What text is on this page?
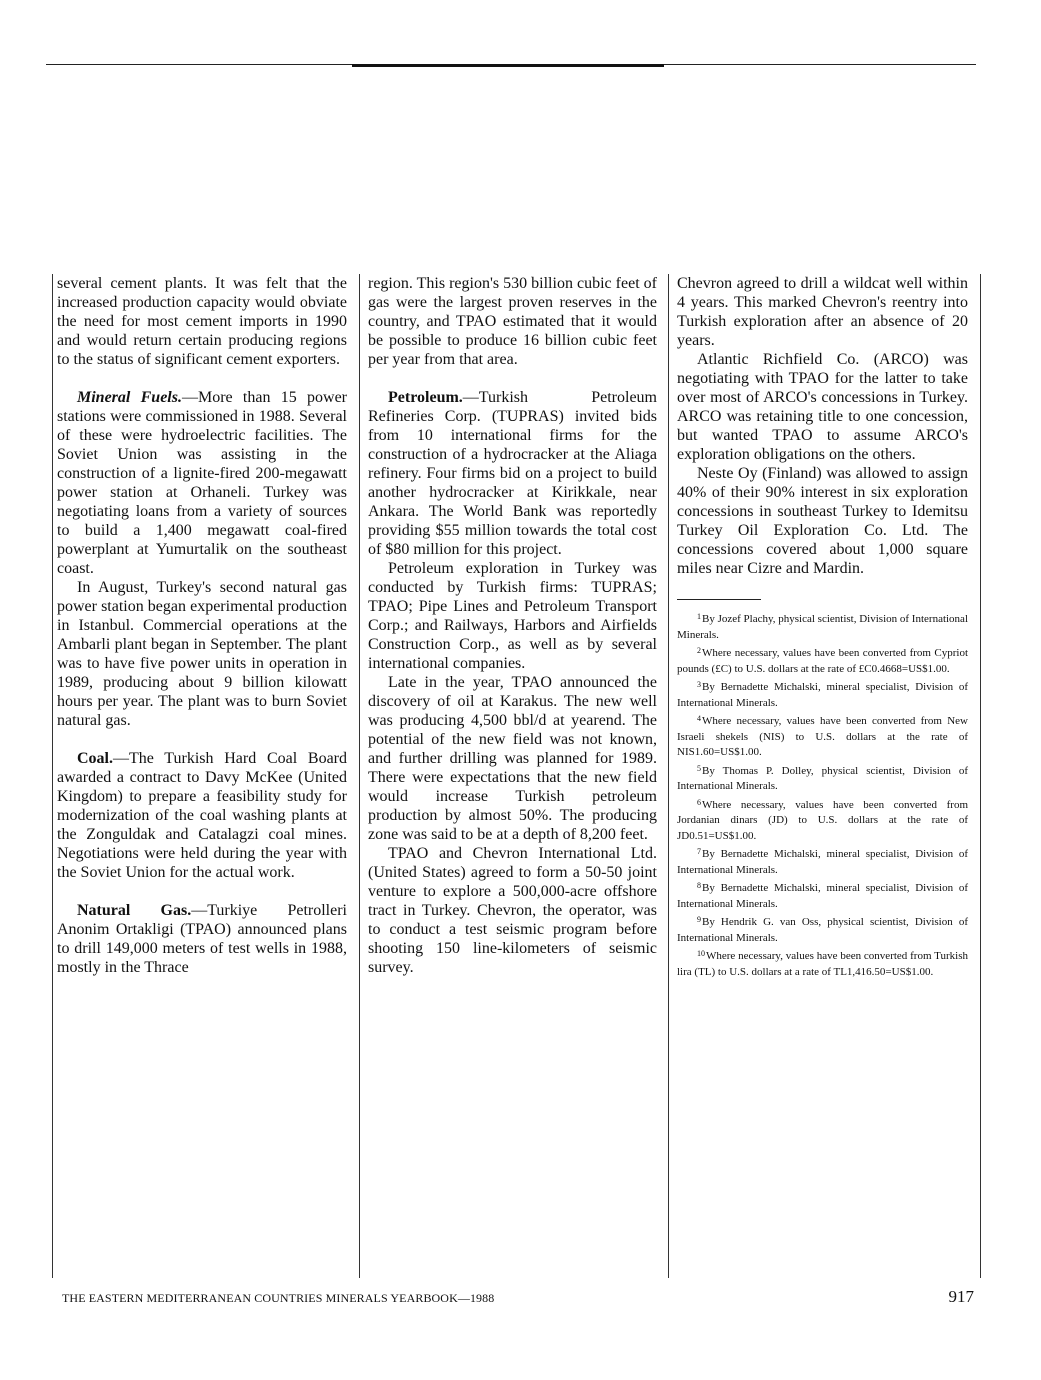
several cement plants. It was felt that the increased production capacity would obviate the need for most cement imports in 1990 and would return certain producing regions to the status of significant cement exporters.

Mineral Fuels.—More than 15 power stations were commissioned in 1988. Several of these were hydroelectric facilities. The Soviet Union was assisting in the construction of a lignite-fired 200-megawatt power station at Orhaneli. Turkey was negotiating loans from a variety of sources to build a 1,400 megawatt coal-fired powerplant at Yumurtalik on the southeast coast.

In August, Turkey's second natural gas power station began experimental production in Istanbul. Commercial operations at the Ambarli plant began in September. The plant was to have five power units in operation in 1989, producing about 9 billion kilowatt hours per year. The plant was to burn Soviet natural gas.

Coal.—The Turkish Hard Coal Board awarded a contract to Davy McKee (United Kingdom) to prepare a feasibility study for modernization of the coal washing plants at the Zonguldak and Catalagzi coal mines. Negotiations were held during the year with the Soviet Union for the actual work.

Natural Gas.—Turkiye Petrolleri Anonim Ortakligi (TPAO) announced plans to drill 149,000 meters of test wells in 1988, mostly in the Thrace

region. This region's 530 billion cubic feet of gas were the largest proven reserves in the country, and TPAO estimated that it would be possible to produce 16 billion cubic feet per year from that area.

Petroleum.—Turkish Petroleum Refineries Corp. (TUPRAS) invited bids from 10 international firms for the construction of a hydrocracker at the Aliaga refinery. Four firms bid on a project to build another hydrocracker at Kirikkale, near Ankara. The World Bank was reportedly providing $55 million towards the total cost of $80 million for this project.

Petroleum exploration in Turkey was conducted by Turkish firms: TUPRAS; TPAO; Pipe Lines and Petroleum Transport Corp.; and Railways, Harbors and Airfields Construction Corp., as well as by several international companies.

Late in the year, TPAO announced the discovery of oil at Karakus. The new well was producing 4,500 bbl/d at yearend. The potential of the new field was not known, and further drilling was planned for 1989. There were expectations that the new field would increase Turkish petroleum production by almost 50%. The producing zone was said to be at a depth of 8,200 feet.

TPAO and Chevron International Ltd. (United States) agreed to form a 50-50 joint venture to explore a 500,000-acre offshore tract in Turkey. Chevron, the operator, was to conduct a test seismic program before shooting 150 line-kilometers of seismic survey.

Chevron agreed to drill a wildcat well within 4 years. This marked Chevron's reentry into Turkish exploration after an absence of 20 years.

Atlantic Richfield Co. (ARCO) was negotiating with TPAO for the latter to take over most of ARCO's concessions in Turkey. ARCO was retaining title to one concession, but wanted TPAO to assume ARCO's exploration obligations on the others.

Neste Oy (Finland) was allowed to assign 40% of their 90% interest in six exploration concessions in southeast Turkey to Idemitsu Turkey Oil Exploration Co. Ltd. The concessions covered about 1,000 square miles near Cizre and Mardin.

$^1$By Jozef Plachy, physical scientist, Division of International Minerals.

$^2$Where necessary, values have been converted from Cypriot pounds (£C) to U.S. dollars at the rate of £C0.4668=US$1.00.

$^3$By Bernadette Michalski, mineral specialist, Division of International Minerals.

$^4$Where necessary, values have been converted from New Israeli shekels (NIS) to U.S. dollars at the rate of NIS1.60=US$1.00.

$^5$By Thomas P. Dolley, physical scientist, Division of International Minerals.

$^6$Where necessary, values have been converted from Jordanian dinars (JD) to U.S. dollars at the rate of JD0.51=US$1.00.

$^7$By Bernadette Michalski, mineral specialist, Division of International Minerals.

$^8$By Bernadette Michalski, mineral specialist, Division of International Minerals.

$^9$By Hendrik G. van Oss, physical scientist, Division of International Minerals.

$^{10}$Where necessary, values have been converted from Turkish lira (TL) to U.S. dollars at a rate of TL1,416.50=US$1.00.

THE EASTERN MEDITERRANEAN COUNTRIES MINERALS YEARBOOK—1988	917
